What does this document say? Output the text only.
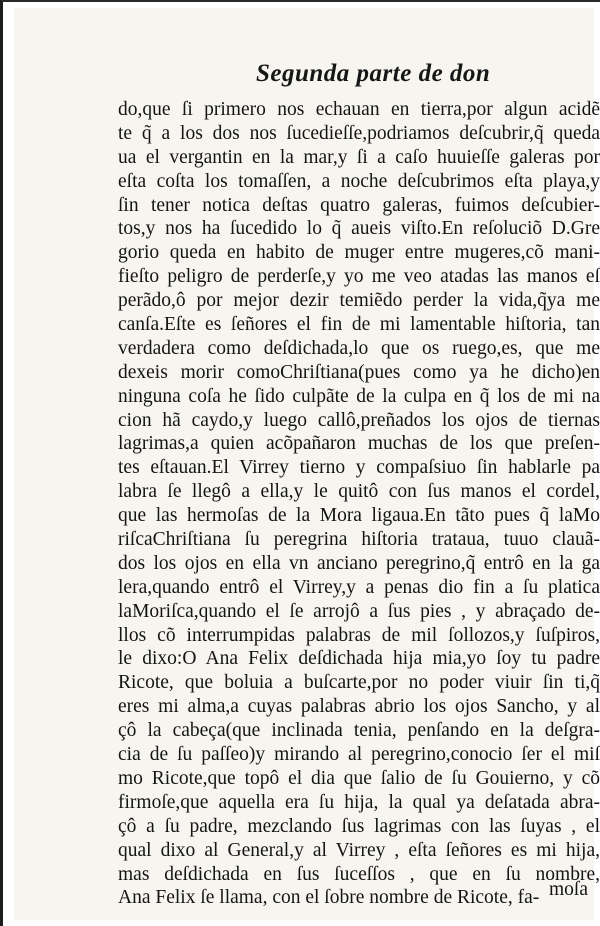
Segunda parte de don
do,que ſi primero nos echauan en tierra,por algun acidẽ
te q̃ a los dos nos ſucedieſſe,podriamos deſcubrir,q̃ queda
ua el vergantin en la mar,y ſi a caſo huuieſſe galeras por
eſta coſta los tomaſſen, a noche deſcubrimos eſta playa,y
ſin tener notica deſtas quatro galeras, fuimos deſcubier-
tos,y nos ha ſucedido lo q̃ aueis viſto.En reſoluciõ D.Gre
gorio queda en habito de muger entre mugeres,cõ mani-
fieſto peligro de perderſe,y yo me veo atadas las manos eſ
perãdo,ô por mejor dezir temiẽdo perder la vida,q̃ya me
canſa.Eſte es ſeñores el fin de mi lamentable hiſtoria, tan
verdadera como deſdichada,lo que os ruego,es, que me
dexeis morir comoChriſtiana(pues como ya he dicho)en
ninguna coſa he ſido culpãte de la culpa en q̃ los de mi na
cion hã caydo,y luego callô,preñados los ojos de tiernas
lagrimas,a quien acõpañaron muchas de los que preſen-
tes eſtauan.El Virrey tierno y compaſsiuo ſin hablarle pa
labra ſe llegô a ella,y le quitô con ſus manos el cordel,
que las hermoſas de la Mora ligaua.En tãto pues q̃ laMo
riſcaChriſtiana ſu peregrina hiſtoria trataua, tuuo clauã-
dos los ojos en ella vn anciano peregrino,q̃ entrô en la ga
lera,quando entrô el Virrey,y a penas dio fin a ſu platica
laMoriſca,quando el ſe arrojô a ſus pies , y abraçado de-
llos cõ interrumpidas palabras de mil ſollozos,y ſuſpiros,
le dixo:O Ana Felix deſdichada hija mia,yo ſoy tu padre
Ricote, que boluia a buſcarte,por no poder viuir ſin ti,q̃
eres mi alma,a cuyas palabras abrio los ojos Sancho, y al
çô la cabeça(que inclinada tenia, penſando en la deſgra-
cia de ſu paſſeo)y mirando al peregrino,conocio ſer el miſ
mo Ricote,que topô el dia que ſalio de ſu Gouierno, y cõ
firmoſe,que aquella era ſu hija, la qual ya deſatada abra-
çô a ſu padre, mezclando ſus lagrimas con las ſuyas , el
qual dixo al General,y al Virrey , eſta ſeñores es mi hija,
mas deſdichada en ſus ſuceſſos , que en ſu nombre,
Ana Felix ſe llama, con el ſobre nombre de Ricote, fa- moſa
